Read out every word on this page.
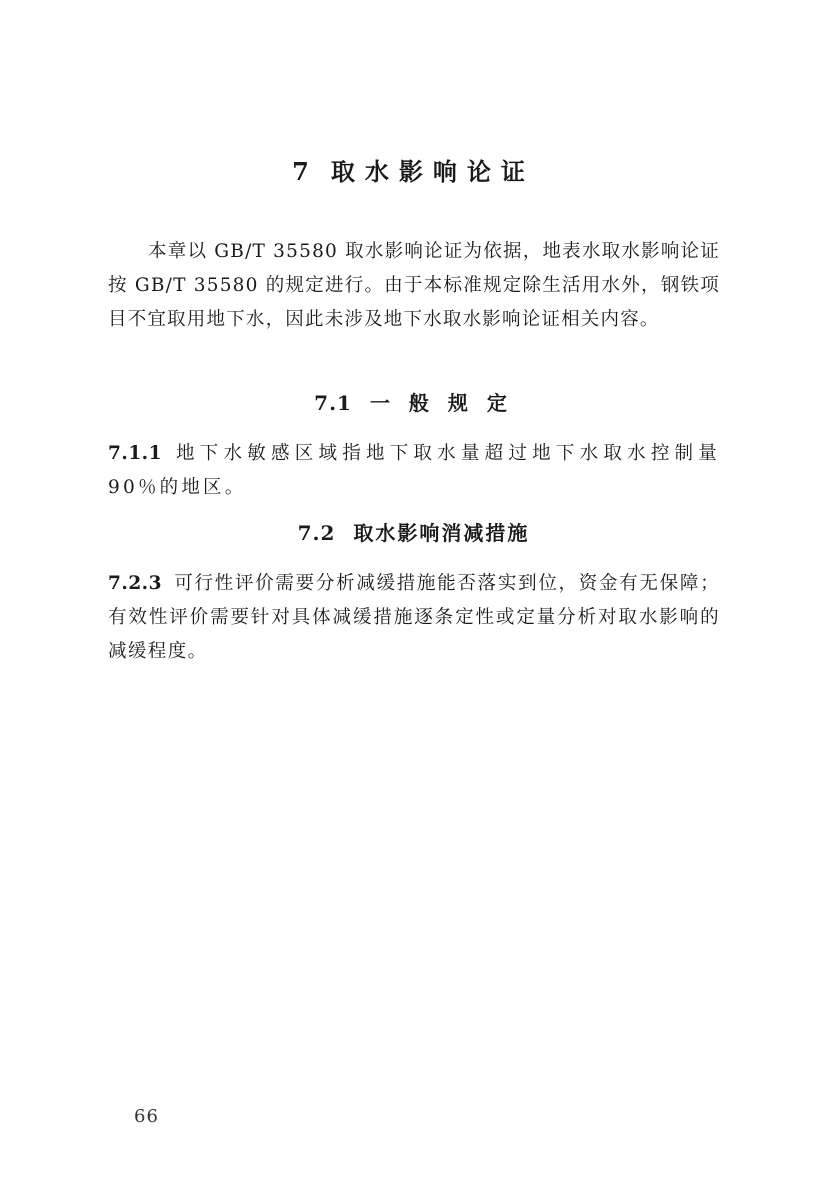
7 取水影响论证

本章以 GB/T 35580 取水影响论证为依据，地表水取水影响论证按 GB/T 35580 的规定进行。由于本标准规定除生活用水外，钢铁项目不宜取用地下水，因此未涉及地下水取水影响论证相关内容。

7.1 一 般 规 定

7.1.1 地下水敏感区域指地下取水量超过地下水取水控制量 90％的地区。

7.2 取水影响消减措施

7.2.3 可行性评价需要分析减缓措施能否落实到位，资金有无保障；有效性评价需要针对具体减缓措施逐条定性或定量分析对取水影响的减缓程度。

66
